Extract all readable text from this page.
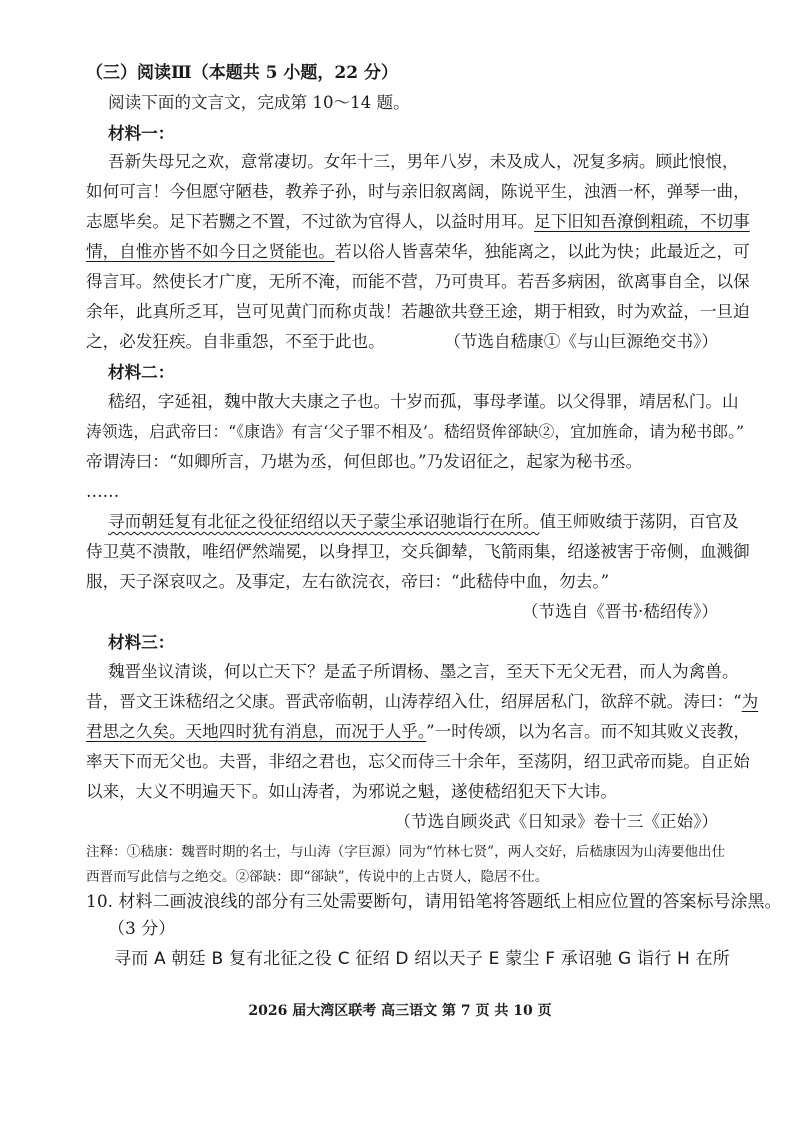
（三）阅读Ⅲ（本题共 5 小题，22 分）
阅读下面的文言文，完成第 10～14 题。
材料一：
吾新失母兄之欢，意常凄切。女年十三，男年八岁，未及成人，况复多病。顾此悢悢，
如何可言！今但愿守陋巷，教养子孙，时与亲旧叙离阔，陈说平生，浊酒一杯，弹琴一曲，
志愿毕矣。足下若嬲之不置，不过欲为官得人，以益时用耳。足下旧知吾潦倒粗疏，不切事
情，自惟亦皆不如今日之贤能也。若以俗人皆喜荣华，独能离之，以此为快；此最近之，可
得言耳。然使长才广度，无所不淹，而能不营，乃可贵耳。若吾多病困，欲离事自全，以保
余年，此真所乏耳，岂可见黄门而称贞哉！若趣欲共登王途，期于相致，时为欢益，一旦迫
之，必发狂疾。自非重怨，不至于此也。	（节选自嵇康①《与山巨源绝交书》）
材料二：
嵇绍，字延祖，魏中散大夫康之子也。十岁而孤，事母孝谨。以父得罪，靖居私门。山
涛领选，启武帝曰：“《康诰》有言‘父子罪不相及’。嵇绍贤侔郤缺②，宜加旌命，请为秘书郎。”
帝谓涛曰：“如卿所言，乃堪为丞，何但郎也。”乃发诏征之，起家为秘书丞。
……
寻而朝廷复有北征之役征绍绍以天子蒙尘承诏驰诣行在所。值王师败绩于荡阴，百官及
侍卫莫不溃散，唯绍俨然端冕，以身捍卫，交兵御辇，飞箭雨集，绍遂被害于帝侧，血溅御
服，天子深哀叹之。及事定，左右欲浣衣，帝曰：“此嵇侍中血，勿去。”
（节选自《晋书·嵇绍传》）
材料三：
魏晋坐议清谈，何以亡天下？是孟子所谓杨、墨之言，至天下无父无君，而人为禽兽。
昔，晋文王诛嵇绍之父康。晋武帝临朝，山涛荐绍入仕，绍屏居私门，欲辞不就。涛曰：“为
君思之久矣。天地四时犹有消息，而况于人乎。”一时传颂，以为名言。而不知其败义丧教，
率天下而无父也。夫晋，非绍之君也，忘父而侍三十余年，至荡阴，绍卫武帝而毙。自正始
以来，大义不明遍天下。如山涛者，为邪说之魁，遂使嵇绍犯天下大讳。
（节选自顾炎武《日知录》卷十三《正始》）
注释：①嵇康：魏晋时期的名士，与山涛（字巨源）同为“竹林七贤”，两人交好，后嵇康因为山涛要他出仕
西晋而写此信与之绝交。②郤缺：即“郤缺”，传说中的上古贤人，隐居不仕。
10. 材料二画波浪线的部分有三处需要断句，请用铅笔将答题纸上相应位置的答案标号涂黑。
（3 分）
寻而 A 朝廷 B 复有北征之役 C 征绍 D 绍以天子 E 蒙尘 F 承诏驰 G 诣行 H 在所
2026 届大湾区联考 高三语文 第 7 页 共 10 页
